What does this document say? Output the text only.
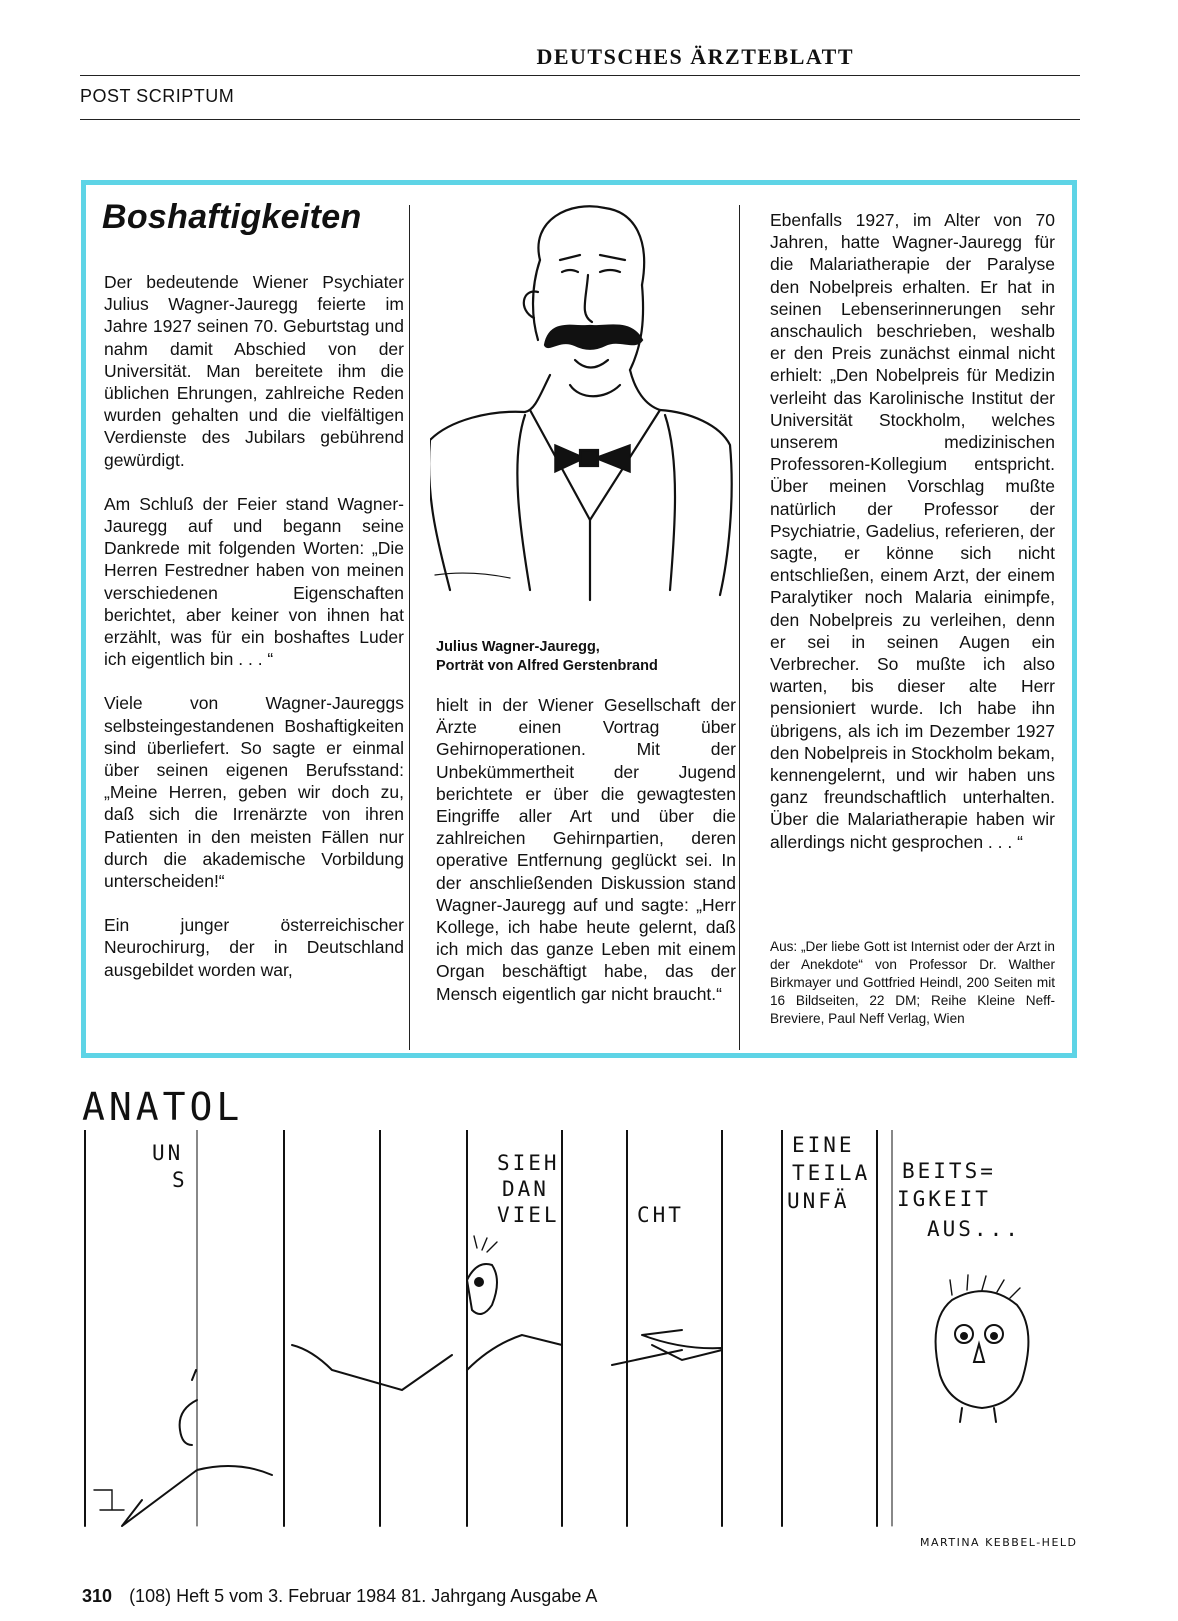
DEUTSCHES ÄRZTEBLATT
POST SCRIPTUM
Boshaftigkeiten

Der bedeutende Wiener Psychiater Julius Wagner-Jauregg feierte im Jahre 1927 seinen 70. Geburtstag und nahm damit Abschied von der Universität. Man bereitete ihm die üblichen Ehrungen, zahlreiche Reden wurden gehalten und die vielfältigen Verdienste des Jubilars gebührend gewürdigt.

Am Schluß der Feier stand Wagner-Jauregg auf und begann seine Dankrede mit folgenden Worten: „Die Herren Festredner haben von meinen verschiedenen Eigenschaften berichtet, aber keiner von ihnen hat erzählt, was für ein boshaftes Luder ich eigentlich bin . . . “

Viele von Wagner-Jaureggs selbsteingestandenen Boshaftigkeiten sind überliefert. So sagte er einmal über seinen eigenen Berufsstand: „Meine Herren, geben wir doch zu, daß sich die Irrenärzte von ihren Patienten in den meisten Fällen nur durch die akademische Vorbildung unterscheiden!“

Ein junger österreichischer Neurochirurg, der in Deutschland ausgebildet worden war,

Julius Wagner-Jauregg,
Porträt von Alfred Gerstenbrand

hielt in der Wiener Gesellschaft der Ärzte einen Vortrag über Gehirnoperationen. Mit der Unbekümmertheit der Jugend berichtete er über die gewagtesten Eingriffe aller Art und über die zahlreichen Gehirnpartien, deren operative Entfernung geglückt sei. In der anschließenden Diskussion stand Wagner-Jauregg auf und sagte: „Herr Kollege, ich habe heute gelernt, daß ich mich das ganze Leben mit einem Organ beschäftigt habe, das der Mensch eigentlich gar nicht braucht.“

Ebenfalls 1927, im Alter von 70 Jahren, hatte Wagner-Jauregg für die Malariatherapie der Paralyse den Nobelpreis erhalten. Er hat in seinen Lebenserinnerungen sehr anschaulich beschrieben, weshalb er den Preis zunächst einmal nicht erhielt: „Den Nobelpreis für Medizin verleiht das Karolinische Institut der Universität Stockholm, welches unserem medizinischen Professoren-Kollegium entspricht. Über meinen Vorschlag mußte natürlich der Professor der Psychiatrie, Gadelius, referieren, der sagte, er könne sich nicht entschließen, einem Arzt, der einem Paralytiker noch Malaria einimpfe, den Nobelpreis zu verleihen, denn er sei in seinen Augen ein Verbrecher. So mußte ich also warten, bis dieser alte Herr pensioniert wurde. Ich habe ihn übrigens, als ich im Dezember 1927 den Nobelpreis in Stockholm bekam, kennengelernt, und wir haben uns ganz freundschaftlich unterhalten. Über die Malariatherapie haben wir allerdings nicht gesprochen . . . “

Aus: „Der liebe Gott ist Internist oder der Arzt in der Anekdote“ von Professor Dr. Walther Birkmayer und Gottfried Heindl, 200 Seiten mit 16 Bildseiten, 22 DM; Reihe Kleine Neff-Breviere, Paul Neff Verlag, Wien
ANATOL
UN
S
SIEH
DAN
VIEL	CHT
EINE
TEILA
UNFÄ
BEITS=
IGKEIT
AUS...
MARTINA KEBBEL-HELD
310 (108) Heft 5 vom 3. Februar 1984 81. Jahrgang Ausgabe A
